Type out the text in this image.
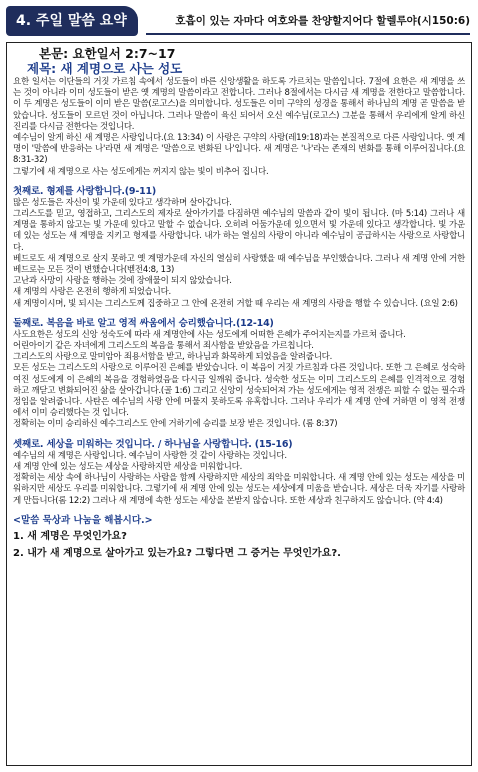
4. 주일 말씀 요약	호흡이 있는 자마다 여호와를 찬양할지어다 할렐루야(시150:6)
본문: 요한일서 2:7~17
제목: 새 계명으로 사는 성도

요한 일서는 이단들의 거짓 가르침 속에서 성도들이 바른 신앙생활을 하도록 가르치는 말씀입니다. 7절에 요한은 새 계명을 쓰는 것이 아니라 이미 성도들이 받은 옛 계명의 말씀이라고 전합니다. 그러나 8절에서는 다시금 새 계명을 전한다고 말씀합니다. 이 두 계명은 성도들이 이미 받은 말씀(로고스)을 의미합니다. 성도들은 이미 구약의 성경을 통해서 하나님의 계명 곧 말씀을 받았습니다. 성도들이 모르던 것이 아닙니다. 그러나 말씀이 육신 되어서 오신 예수님(로고스) 그분을 통해서 우리에게 알게 하신 진리를 다시금 전한다는 것입니다.

예수님이 알게 하신 새 계명은 사랑입니다.(요 13:34) 이 사랑은 구약의 사랑(레19:18)과는 본질적으로 다른 사랑입니다. 옛 계명이 '말씀에 반응하는 나'라면 새 계명은 '말씀으로 변화된 나'입니다. 새 계명은 '나'라는 존재의 변화를 통해 이루어집니다.(요 8:31-32)

그렇기에 새 계명으로 사는 성도에게는 꺼지지 않는 빛이 비추어 집니다.

첫째로. 형제를 사랑합니다.(9-11)

많은 성도들은 자신이 빛 가운데 있다고 생각하며 살아갑니다.

그리스도를 믿고, 영접하고, 그리스도의 제자로 살아가기를 다짐하면 예수님의 말씀과 같이 빛이 됩니다. (마 5:14) 그러나 새 계명을 통하지 않고는 빛 가운데 있다고 말할 수 없습니다. 오히려 어둠가운데 있으면서 빛 가운데 있다고 생각합니다. 빛 가운데 있는 성도는 새 계명을 지키고 형제를 사랑합니다. 내가 하는 열심의 사랑이 아니라 예수님이 공급하시는 사랑으로 사랑합니다.

베드로도 새 계명으로 살지 못하고 옛 계명가운데 자신의 열심히 사랑했을 때 예수님을 부인했습니다. 그러나 새 계명 안에 거한 베드로는 모든 것이 변했습니다(벧전4:8, 13)

고난과 사망이 사랑을 행하는 것에 장애물이 되지 않았습니다.

새 계명의 사랑은 온전히 행하게 되었습니다.

새 계명이시며, 빛 되시는 그리스도께 집중하고 그 안에 온전히 거할 때 우리는 새 계명의 사랑을 행할 수 있습니다. (요일 2:6)

둘째로. 복음을 바로 알고 영적 싸움에서 승리했습니다.(12-14)

사도요한은 성도의 신앙 성숙도에 따라 새 계명안에 사는 성도에게 어떠한 은혜가 주어지는지를 가르쳐 줍니다.

어린아이기 같은 자녀에게 그리스도의 복음을 통해서 죄사함을 받았음을 가르칩니다.

그리스도의 사랑으로 말미암아 죄용서함을 받고, 하나님과 화목하게 되었음을 알려줍니다.

모든 성도는 그리스도의 사랑으로 이루어진 은혜를 받았습니다. 이 복음이 거짓 가르침과 다른 것입니다. 또한 그 은혜로 성숙하여진 성도에게 이 은혜의 복음을 경험하였음을 다시금 일깨워 줍니다. 성숙한 성도는 이미 그리스도의 은혜를 인격적으로 경험하고 깨닫고 변화되어진 삶을 살아갑니다.(골 1:6) 그리고 신앙이 성숙되어져 가는 성도에게는 영적 전쟁은 피할 수 없는 필수과정임을 알려줍니다. 사탄은 예수님의 사랑 안에 머물지 못하도록 유혹합니다. 그러나 우리가 새 계명 안에 거하면 이 영적 전쟁에서 이미 승리했다는 것 입니다.

정확히는 이미 승리하신 예수그리스도 안에 거하기에 승리를 보장 받은 것입니다. (롬 8:37)

셋째로. 세상을 미워하는 것입니다. / 하나님을 사랑합니다. (15-16)

예수님의 새 계명은 사랑입니다. 예수님이 사랑한 것 같이 사랑하는 것입니다.

새 계명 안에 있는 성도는 세상을 사랑하지만 세상을 미워합니다.

정확히는 세상 속에 하나님이 사랑하는 사람을 함께 사랑하지만 세상의 죄악을 미워합니다. 새 계명 안에 있는 성도는 세상을 미워하지만 세상도 우리를 미워합니다. 그렇기에 새 계명 안에 있는 성도는 세상에게 미움을 받습니다. 세상은 더욱 자기를 사랑하게 만듭니다(롬 12:2) 그러나 새 계명에 속한 성도는 세상을 본받지 않습니다. 또한 세상과 친구하지도 않습니다. (약 4:4)

<말씀 묵상과 나눔을 해봅시다.>
1. 새 계명은 무엇인가요?
2. 내가 새 계명으로 살아가고 있는가요? 그렇다면 그 증거는 무엇인가요?.
